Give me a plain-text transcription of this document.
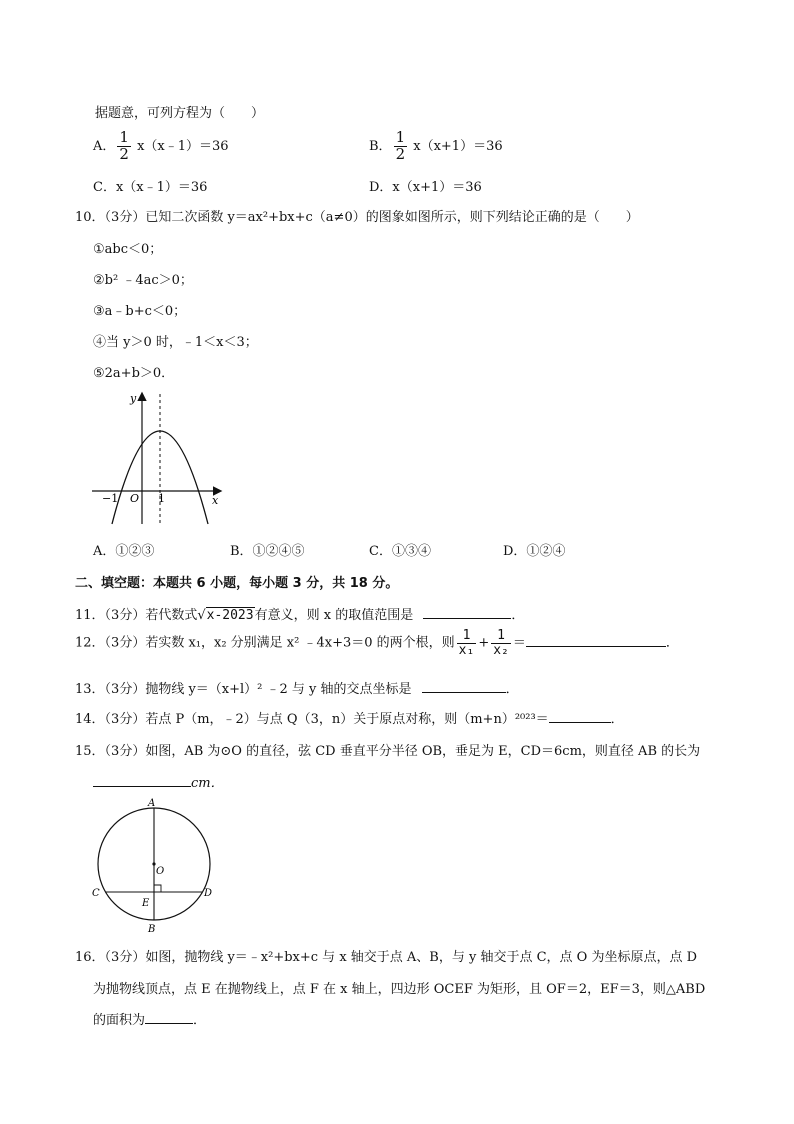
据题意，可列方程为（　　）
A． $\frac{1}{2}$ x（x﹣1）＝36	B． $\frac{1}{2} x(x+1)=36$
C．x（x﹣1）＝36	D．x（x+1）＝36
10．（3分）已知二次函数 y＝ax²+bx+c（a≠0）的图象如图所示，则下列结论正确的是（　　）
①abc＜0；
②b² ﹣4ac＞0；
③a﹣b+c＜0；
④当 y＞0 时，﹣1＜x＜3；
⑤2a+b＞0．
y
x
O
−1	1
A．①②③	B．①②④⑤	C．①③④	D．①②④
二、填空题：本题共 6 小题，每小题 3 分，共 18 分。
11．（3分）若代数式√x-2023有意义，则 x 的取值范围是	．
12．（3分）若实数 x₁，x₂ 分别满足 x² ﹣4x+3＝0 的两个根，则 $\frac{1}{\text{x₁}} + \frac{1}{\text{x₂}}$ ＝	．
13．（3分）抛物线 y＝（x+l）² ﹣2 与 y 轴的交点坐标是	．
14．（3分）若点 P（m，﹣2）与点 Q（3，n）关于原点对称，则（m+n）²⁰²³＝	．
15．（3分）如图，AB 为⊙O 的直径，弦 CD 垂直平分半径 OB，垂足为 E，CD＝6cm，则直径 AB 的长为
cm．
A
B
C	D
E
O
16．（3分）如图，抛物线 y＝﹣x²+bx+c 与 x 轴交于点 A、B，与 y 轴交于点 C，点 O 为坐标原点，点 D
为抛物线顶点，点 E 在抛物线上，点 F 在 x 轴上，四边形 OCEF 为矩形，且 OF＝2，EF＝3，则△ABD
的面积为	．
